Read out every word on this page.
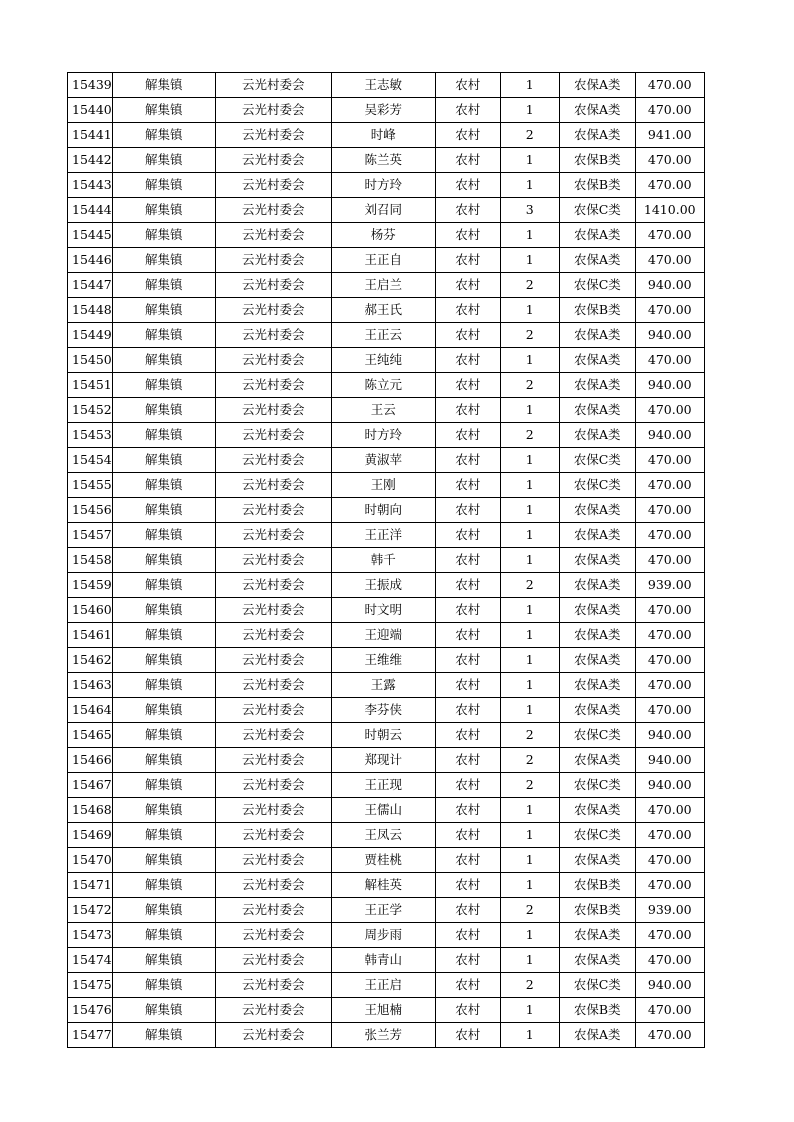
15439	解集镇	云光村委会	王志敏	农村	1	农保A类	470.00
15440	解集镇	云光村委会	吴彩芳	农村	1	农保A类	470.00
15441	解集镇	云光村委会	时峰	农村	2	农保A类	941.00
15442	解集镇	云光村委会	陈兰英	农村	1	农保B类	470.00
15443	解集镇	云光村委会	时方玲	农村	1	农保B类	470.00
15444	解集镇	云光村委会	刘召同	农村	3	农保C类	1410.00
15445	解集镇	云光村委会	杨芬	农村	1	农保A类	470.00
15446	解集镇	云光村委会	王正自	农村	1	农保A类	470.00
15447	解集镇	云光村委会	王启兰	农村	2	农保C类	940.00
15448	解集镇	云光村委会	郝王氏	农村	1	农保B类	470.00
15449	解集镇	云光村委会	王正云	农村	2	农保A类	940.00
15450	解集镇	云光村委会	王纯纯	农村	1	农保A类	470.00
15451	解集镇	云光村委会	陈立元	农村	2	农保A类	940.00
15452	解集镇	云光村委会	王云	农村	1	农保A类	470.00
15453	解集镇	云光村委会	时方玲	农村	2	农保A类	940.00
15454	解集镇	云光村委会	黄淑苹	农村	1	农保C类	470.00
15455	解集镇	云光村委会	王刚	农村	1	农保C类	470.00
15456	解集镇	云光村委会	时朝向	农村	1	农保A类	470.00
15457	解集镇	云光村委会	王正洋	农村	1	农保A类	470.00
15458	解集镇	云光村委会	韩千	农村	1	农保A类	470.00
15459	解集镇	云光村委会	王振成	农村	2	农保A类	939.00
15460	解集镇	云光村委会	时文明	农村	1	农保A类	470.00
15461	解集镇	云光村委会	王迎端	农村	1	农保A类	470.00
15462	解集镇	云光村委会	王维维	农村	1	农保A类	470.00
15463	解集镇	云光村委会	王露	农村	1	农保A类	470.00
15464	解集镇	云光村委会	李芬侠	农村	1	农保A类	470.00
15465	解集镇	云光村委会	时朝云	农村	2	农保C类	940.00
15466	解集镇	云光村委会	郑现计	农村	2	农保A类	940.00
15467	解集镇	云光村委会	王正现	农村	2	农保C类	940.00
15468	解集镇	云光村委会	王儒山	农村	1	农保A类	470.00
15469	解集镇	云光村委会	王凤云	农村	1	农保C类	470.00
15470	解集镇	云光村委会	贾桂桃	农村	1	农保A类	470.00
15471	解集镇	云光村委会	解桂英	农村	1	农保B类	470.00
15472	解集镇	云光村委会	王正学	农村	2	农保B类	939.00
15473	解集镇	云光村委会	周步雨	农村	1	农保A类	470.00
15474	解集镇	云光村委会	韩青山	农村	1	农保A类	470.00
15475	解集镇	云光村委会	王正启	农村	2	农保C类	940.00
15476	解集镇	云光村委会	王旭楠	农村	1	农保B类	470.00
15477	解集镇	云光村委会	张兰芳	农村	1	农保A类	470.00
